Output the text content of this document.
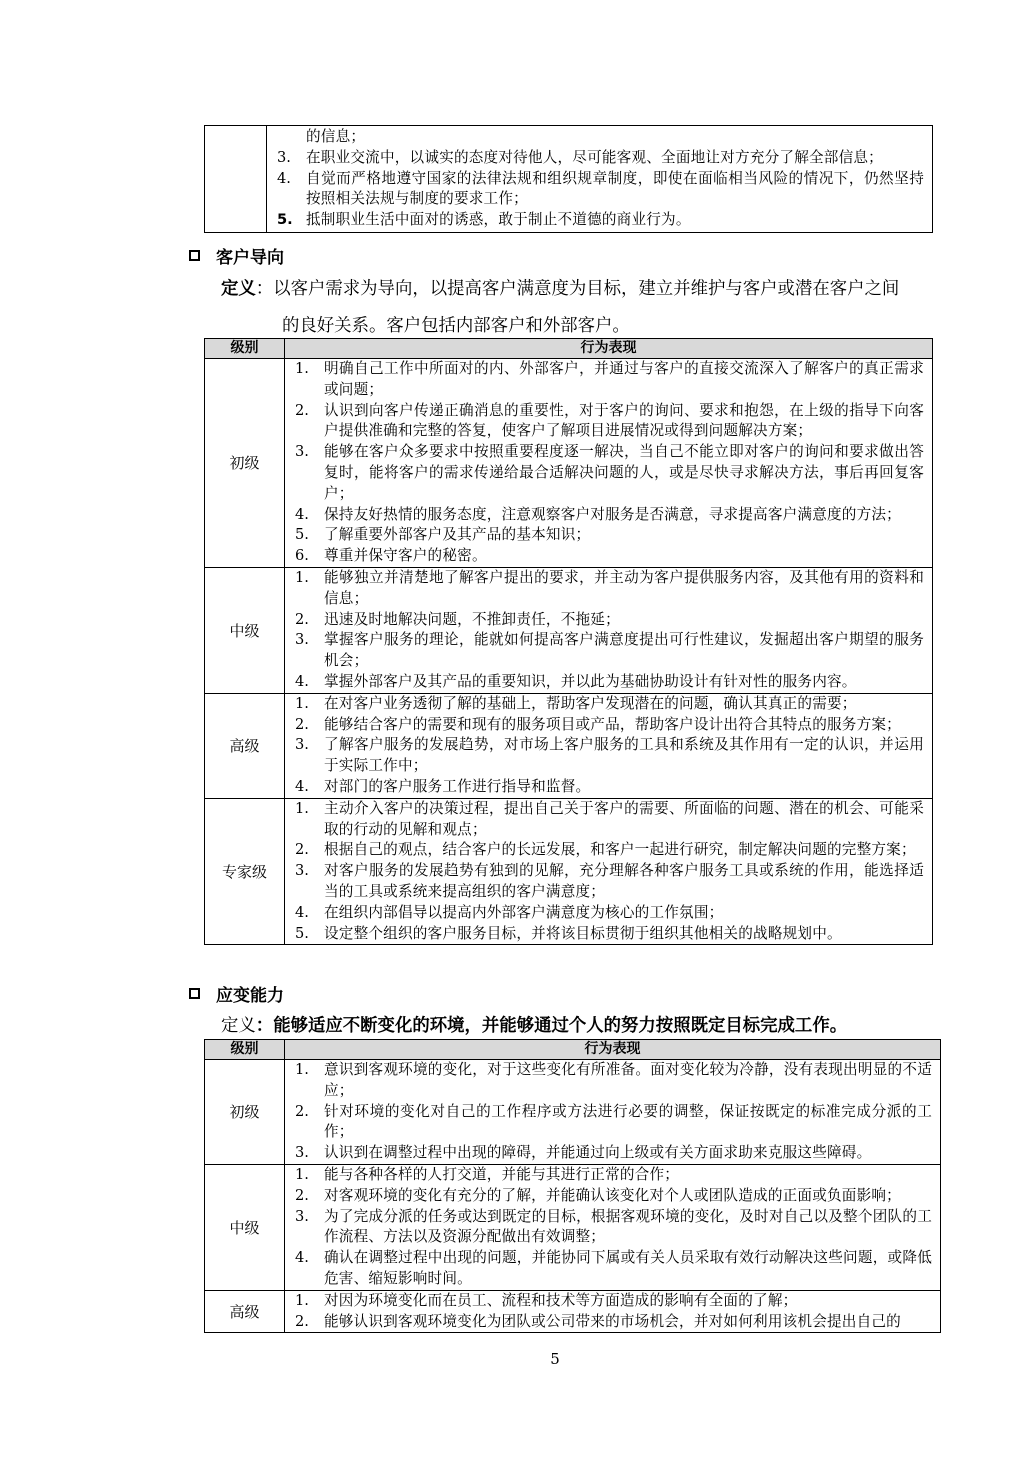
的信息；
3.	在职业交流中，以诚实的态度对待他人，尽可能客观、全面地让对方充分了解全部信息；
4.	自觉而严格地遵守国家的法律法规和组织规章制度，即使在面临相当风险的情况下，仍然坚持按照相关法规与制度的要求工作；
5. 抵制职业生活中面对的诱惑，敢于制止不道德的商业行为。
客户导向
定义：以客户需求为导向，以提高客户满意度为目标，建立并维护与客户或潜在客户之间
的良好关系。客户包括内部客户和外部客户。
级别	行为表现
初级	
1.	明确自己工作中所面对的内、外部客户，并通过与客户的直接交流深入了解客户的真正需求或问题；
2.	认识到向客户传递正确消息的重要性，对于客户的询问、要求和抱怨，在上级的指导下向客户提供准确和完整的答复，使客户了解项目进展情况或得到问题解决方案；
3.	能够在客户众多要求中按照重要程度逐一解决，当自己不能立即对客户的询问和要求做出答复时，能将客户的需求传递给最合适解决问题的人，或是尽快寻求解决方法，事后再回复客户；
4.	保持友好热情的服务态度，注意观察客户对服务是否满意，寻求提高客户满意度的方法；
5.	了解重要外部客户及其产品的基本知识；
6.	尊重并保守客户的秘密。

中级	
1.	能够独立并清楚地了解客户提出的要求，并主动为客户提供服务内容，及其他有用的资料和信息；
2.	迅速及时地解决问题，不推卸责任，不拖延；
3.	掌握客户服务的理论，能就如何提高客户满意度提出可行性建议，发掘超出客户期望的服务机会；
4.	掌握外部客户及其产品的重要知识，并以此为基础协助设计有针对性的服务内容。

高级	
1.	在对客户业务透彻了解的基础上，帮助客户发现潜在的问题，确认其真正的需要；
2.	能够结合客户的需要和现有的服务项目或产品，帮助客户设计出符合其特点的服务方案；
3.	了解客户服务的发展趋势，对市场上客户服务的工具和系统及其作用有一定的认识，并运用于实际工作中；
4.	对部门的客户服务工作进行指导和监督。

专家级	
1.	主动介入客户的决策过程，提出自己关于客户的需要、所面临的问题、潜在的机会、可能采取的行动的见解和观点；
2.	根据自己的观点，结合客户的长远发展，和客户一起进行研究，制定解决问题的完整方案；
3.	对客户服务的发展趋势有独到的见解，充分理解各种客户服务工具或系统的作用，能选择适当的工具或系统来提高组织的客户满意度；
4.	在组织内部倡导以提高内外部客户满意度为核心的工作氛围；
5.	设定整个组织的客户服务目标，并将该目标贯彻于组织其他相关的战略规划中。
应变能力
定义：能够适应不断变化的环境，并能够通过个人的努力按照既定目标完成工作。
级别	行为表现
初级	
1.	意识到客观环境的变化，对于这些变化有所准备。面对变化较为冷静，没有表现出明显的不适应；
2.	针对环境的变化对自己的工作程序或方法进行必要的调整，保证按既定的标准完成分派的工作；
3.	认识到在调整过程中出现的障碍，并能通过向上级或有关方面求助来克服这些障碍。

中级	
1.	能与各种各样的人打交道，并能与其进行正常的合作；
2.	对客观环境的变化有充分的了解，并能确认该变化对个人或团队造成的正面或负面影响；
3.	为了完成分派的任务或达到既定的目标，根据客观环境的变化，及时对自己以及整个团队的工作流程、方法以及资源分配做出有效调整；
4.	确认在调整过程中出现的问题，并能协同下属或有关人员采取有效行动解决这些问题，或降低危害、缩短影响时间。

高级	1. 对因为环境变化而在员工、流程和技术等方面造成的影响有全面的了解；
2. 能够认识到客观环境变化为团队或公司带来的市场机会，并对如何利用该机会提出自己的
5
